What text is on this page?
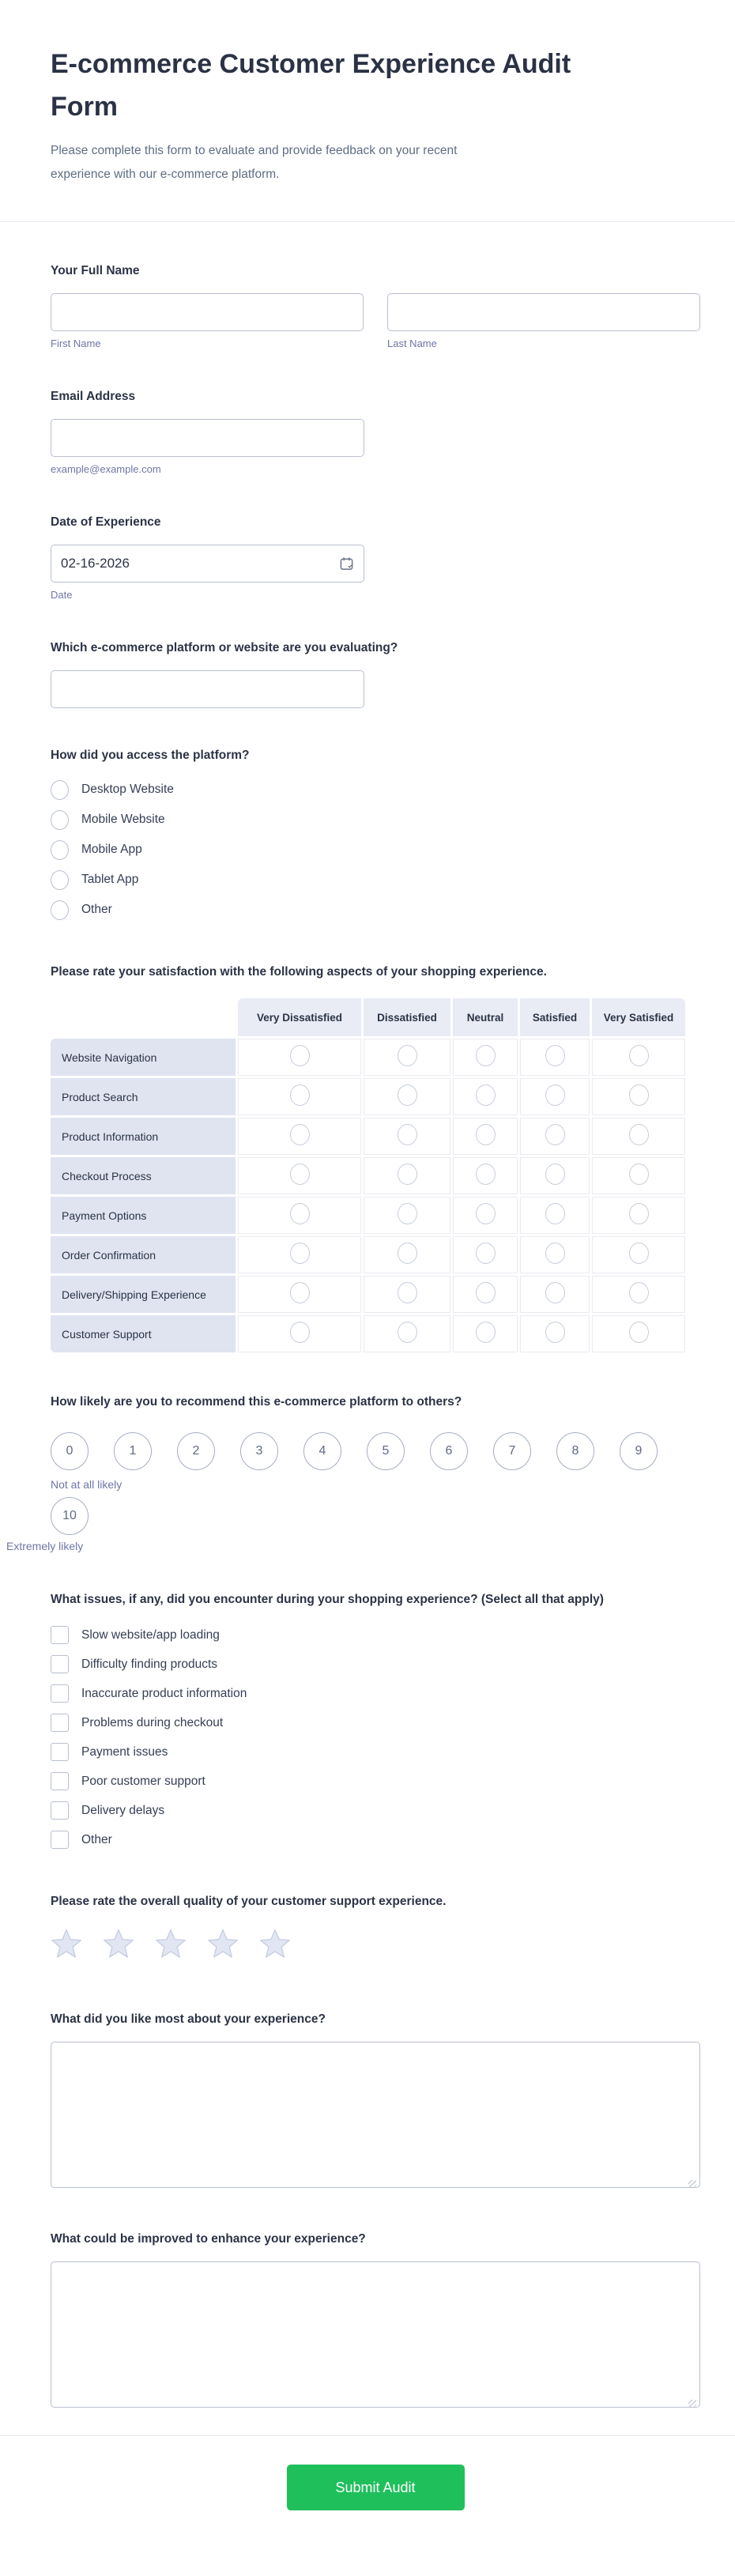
E-commerce Customer Experience Audit Form
Please complete this form to evaluate and provide feedback on your recent experience with our e-commerce platform.
Your Full Name
First Name	Last Name
Email Address
example@example.com
Date of Experience
02-16-2026
Date
Which e-commerce platform or website are you evaluating?
How did you access the platform?
Desktop Website
Mobile Website
Mobile App
Tablet App
Other
Please rate your satisfaction with the following aspects of your shopping experience.
	Very Dissatisfied	Dissatisfied	Neutral	Satisfied	Very Satisfied
Website Navigation					
Product Search					
Product Information					
Checkout Process					
Payment Options					
Order Confirmation					
Delivery/Shipping Experience					
Customer Support					
How likely are you to recommend this e-commerce platform to others?
0	1	2	3	4	5	6	7	8	9
Not at all likely
10
Extremely likely
What issues, if any, did you encounter during your shopping experience? (Select all that apply)
Slow website/app loading
Difficulty finding products
Inaccurate product information
Problems during checkout
Payment issues
Poor customer support
Delivery delays
Other
Please rate the overall quality of your customer support experience.
What did you like most about your experience?
What could be improved to enhance your experience?
Submit Audit
